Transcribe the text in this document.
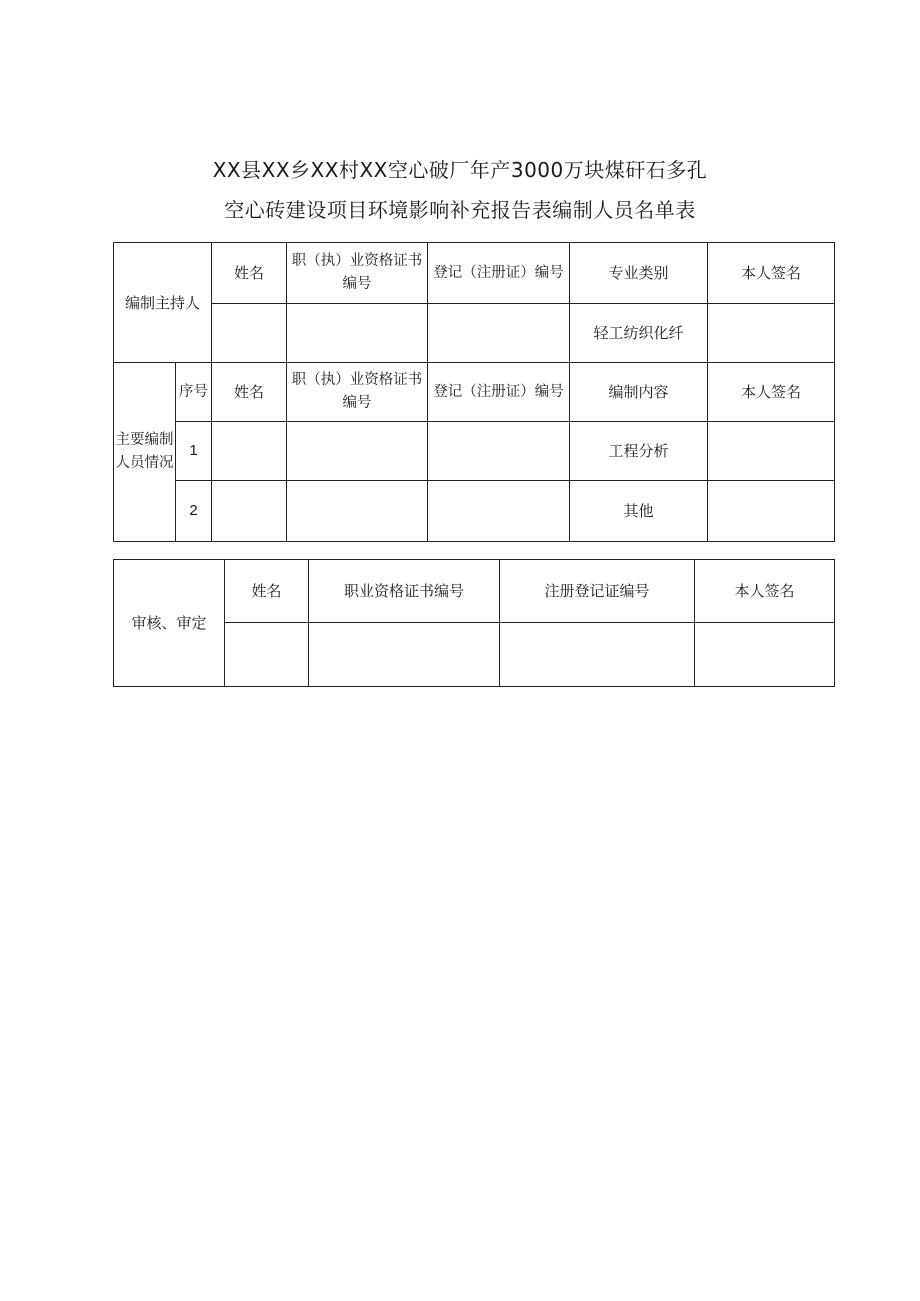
XX县XX乡XX村XX空心破厂年产3000万块煤矸石多孔
空心砖建设项目环境影响补充报告表编制人员名单表
编制主持人		姓名	职（执）业资格证书编号	登记（注册证）编号	专业类别	本人签名
					轻工纺织化纤	
主要编制人员情况	序号	姓名	职（执）业资格证书编号	登记（注册证）编号	编制内容	本人签名
	1				工程分析	
	2				其他	
审核、审定	姓名	职业资格证书编号	注册登记证编号	本人签名
